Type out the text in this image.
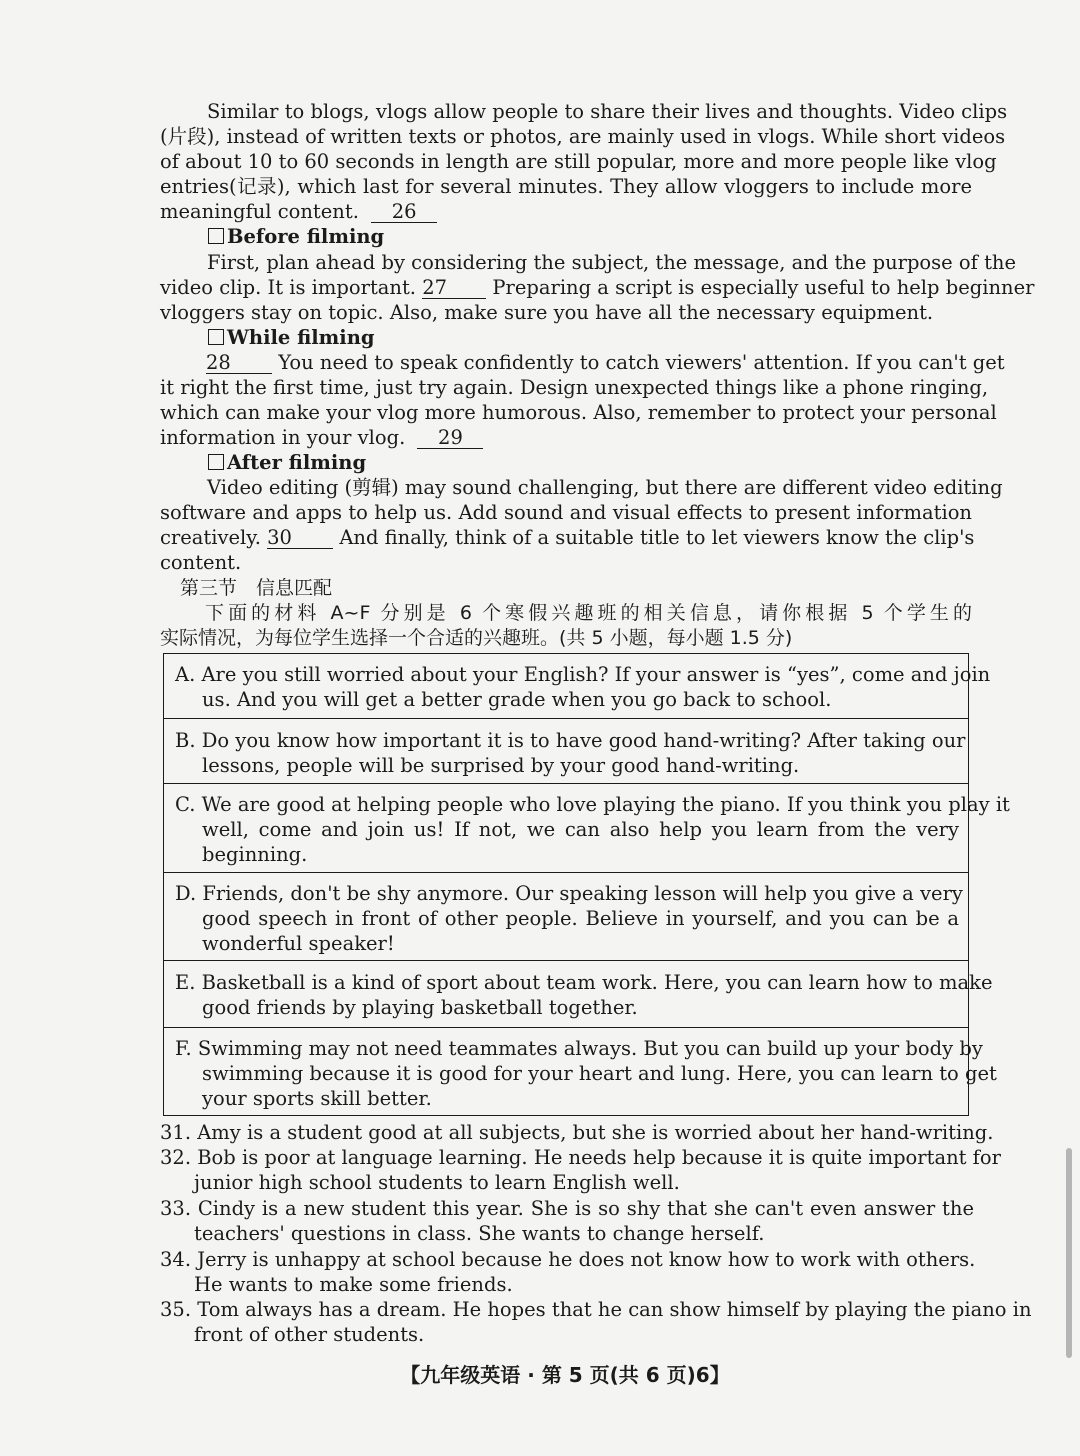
Similar to blogs, vlogs allow people to share their lives and thoughts. Video clips
(片段), instead of written texts or photos, are mainly used in vlogs. While short videos
of about 10 to 60 seconds in length are still popular, more and more people like vlog
entries(记录), which last for several minutes. They allow vloggers to include more
meaningful content. 26
Before filming
First, plan ahead by considering the subject, the message, and the purpose of the
video clip. It is important. 27 Preparing a script is especially useful to help beginner
vloggers stay on topic. Also, make sure you have all the necessary equipment.
While filming
28 You need to speak confidently to catch viewers' attention. If you can't get
it right the first time, just try again. Design unexpected things like a phone ringing,
which can make your vlog more humorous. Also, remember to protect your personal
information in your vlog. 29
After filming
Video editing (剪辑) may sound challenging, but there are different video editing
software and apps to help us. Add sound and visual effects to present information
creatively. 30 And finally, think of a suitable title to let viewers know the clip's
content.
第三节　信息匹配
下面的材料 A~F 分别是 6 个寒假兴趣班的相关信息，请你根据 5 个学生的
实际情况，为每位学生选择一个合适的兴趣班。(共 5 小题，每小题 1.5 分)
A. Are you still worried about your English? If your answer is “yes”, come and join
us. And you will get a better grade when you go back to school.
B. Do you know how important it is to have good hand-writing? After taking our
lessons, people will be surprised by your good hand-writing.
C. We are good at helping people who love playing the piano. If you think you play it
well, come and join us! If not, we can also help you learn from the very
beginning.
D. Friends, don't be shy anymore. Our speaking lesson will help you give a very
good speech in front of other people. Believe in yourself, and you can be a
wonderful speaker!
E. Basketball is a kind of sport about team work. Here, you can learn how to make
good friends by playing basketball together.
F. Swimming may not need teammates always. But you can build up your body by
swimming because it is good for your heart and lung. Here, you can learn to get
your sports skill better.
31. Amy is a student good at all subjects, but she is worried about her hand-writing.
32. Bob is poor at language learning. He needs help because it is quite important for
junior high school students to learn English well.
33. Cindy is a new student this year. She is so shy that she can't even answer the
teachers' questions in class. She wants to change herself.
34. Jerry is unhappy at school because he does not know how to work with others.
He wants to make some friends.
35. Tom always has a dream. He hopes that he can show himself by playing the piano in
front of other students.
【九年级英语 · 第 5 页(共 6 页)6】
